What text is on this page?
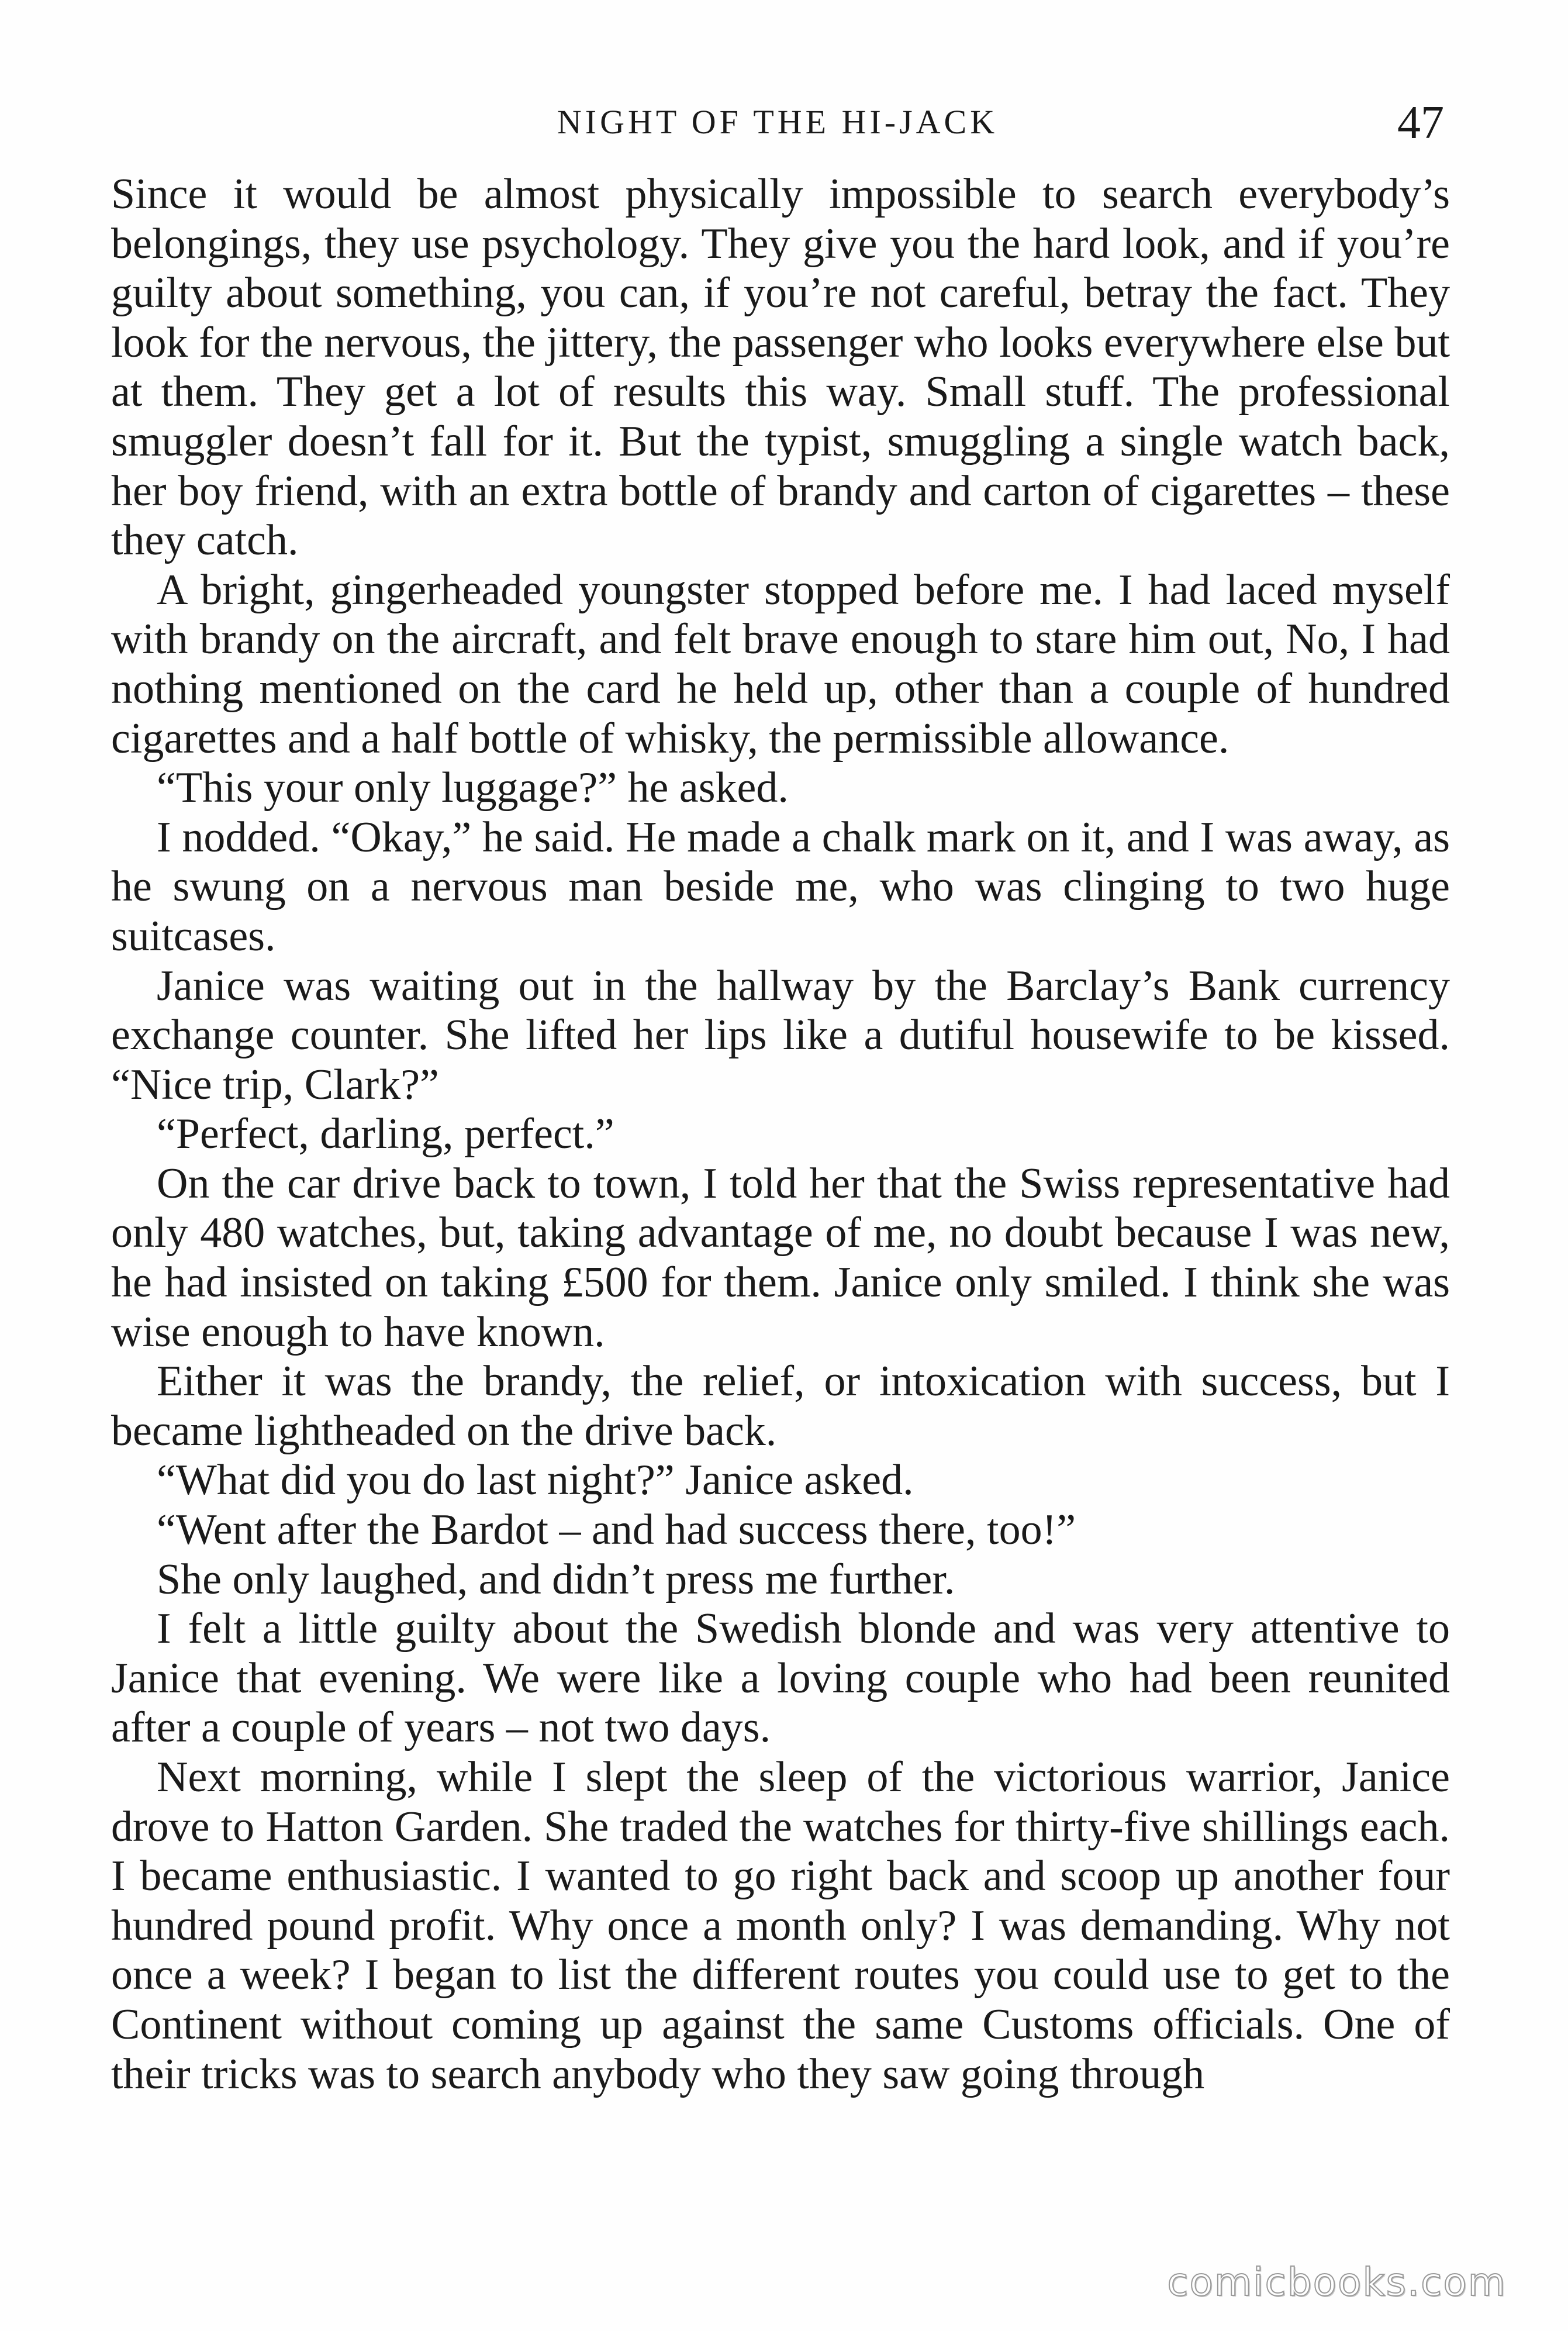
NIGHT OF THE HI-JACK	47

Since it would be almost physically impossible to search everybody’s belongings, they use psychology. They give you the hard look, and if you’re guilty about something, you can, if you’re not careful, betray the fact. They look for the nervous, the jittery, the passenger who looks everywhere else but at them. They get a lot of results this way. Small stuff. The professional smuggler doesn’t fall for it. But the typist, smuggling a single watch back, her boy friend, with an extra bottle of brandy and carton of cigarettes – these they catch.

A bright, gingerheaded youngster stopped before me. I had laced myself with brandy on the aircraft, and felt brave enough to stare him out, No, I had nothing mentioned on the card he held up, other than a couple of hundred cigarettes and a half bottle of whisky, the permissible allowance.

“This your only luggage?” he asked.

I nodded. “Okay,” he said. He made a chalk mark on it, and I was away, as he swung on a nervous man beside me, who was clinging to two huge suitcases.

Janice was waiting out in the hallway by the Barclay’s Bank currency exchange counter. She lifted her lips like a dutiful housewife to be kissed. “Nice trip, Clark?”

“Perfect, darling, perfect.”

On the car drive back to town, I told her that the Swiss representative had only 480 watches, but, taking advantage of me, no doubt because I was new, he had insisted on taking £500 for them. Janice only smiled. I think she was wise enough to have known.

Either it was the brandy, the relief, or intoxication with success, but I became lightheaded on the drive back.

“What did you do last night?” Janice asked.

“Went after the Bardot – and had success there, too!”

She only laughed, and didn’t press me further.

I felt a little guilty about the Swedish blonde and was very attentive to Janice that evening. We were like a loving couple who had been reunited after a couple of years – not two days.

Next morning, while I slept the sleep of the victorious warrior, Janice drove to Hatton Garden. She traded the watches for thirty-five shillings each. I became enthusiastic. I wanted to go right back and scoop up another four hundred pound profit. Why once a month only? I was demanding. Why not once a week? I began to list the different routes you could use to get to the Continent without coming up against the same Customs officials. One of their tricks was to search anybody who they saw going through

comicbooks.com
